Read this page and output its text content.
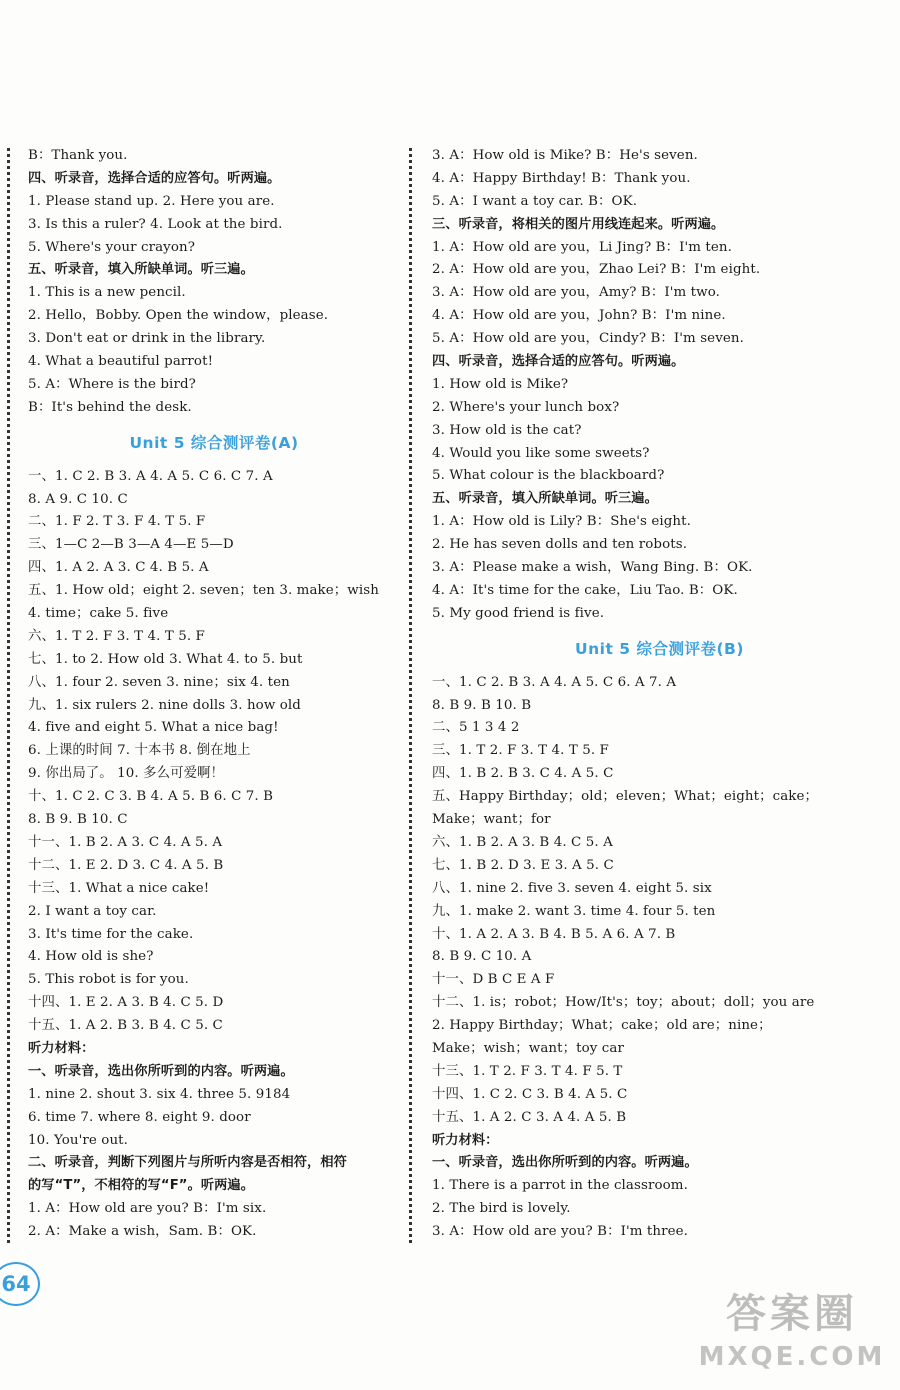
B：Thank you.
四、听录音，选择合适的应答句。听两遍。
1. Please stand up. 2. Here you are.
3. Is this a ruler? 4. Look at the bird.
5. Where's your crayon?
五、听录音，填入所缺单词。听三遍。
1. This is a new pencil.
2. Hello，Bobby. Open the window，please.
3. Don't eat or drink in the library.
4. What a beautiful parrot!
5. A：Where is the bird?
B：It's behind the desk.
Unit 5 综合测评卷(A)
一、1. C 2. B 3. A 4. A 5. C 6. C 7. A
8. A 9. C 10. C
二、1. F 2. T 3. F 4. T 5. F
三、1—C 2—B 3—A 4—E 5—D
四、1. A 2. A 3. C 4. B 5. A
五、1. How old；eight 2. seven；ten 3. make；wish
4. time；cake 5. five
六、1. T 2. F 3. T 4. T 5. F
七、1. to 2. How old 3. What 4. to 5. but
八、1. four 2. seven 3. nine；six 4. ten
九、1. six rulers 2. nine dolls 3. how old
4. five and eight 5. What a nice bag!
6. 上课的时间 7. 十本书 8. 倒在地上
9. 你出局了。 10. 多么可爱啊！
十、1. C 2. C 3. B 4. A 5. B 6. C 7. B
8. B 9. B 10. C
十一、1. B 2. A 3. C 4. A 5. A
十二、1. E 2. D 3. C 4. A 5. B
十三、1. What a nice cake!
2. I want a toy car.
3. It's time for the cake.
4. How old is she?
5. This robot is for you.
十四、1. E 2. A 3. B 4. C 5. D
十五、1. A 2. B 3. B 4. C 5. C
听力材料：
一、听录音，选出你所听到的内容。听两遍。
1. nine 2. shout 3. six 4. three 5. 9184
6. time 7. where 8. eight 9. door
10. You're out.
二、听录音，判断下列图片与所听内容是否相符，相符
的写“T”，不相符的写“F”。听两遍。
1. A：How old are you? B：I'm six.
2. A：Make a wish，Sam. B：OK.
3. A：How old is Mike? B：He's seven.
4. A：Happy Birthday! B：Thank you.
5. A：I want a toy car. B：OK.
三、听录音，将相关的图片用线连起来。听两遍。
1. A：How old are you，Li Jing? B：I'm ten.
2. A：How old are you，Zhao Lei? B：I'm eight.
3. A：How old are you，Amy? B：I'm two.
4. A：How old are you，John? B：I'm nine.
5. A：How old are you，Cindy? B：I'm seven.
四、听录音，选择合适的应答句。听两遍。
1. How old is Mike?
2. Where's your lunch box?
3. How old is the cat?
4. Would you like some sweets?
5. What colour is the blackboard?
五、听录音，填入所缺单词。听三遍。
1. A：How old is Lily? B：She's eight.
2. He has seven dolls and ten robots.
3. A：Please make a wish，Wang Bing. B：OK.
4. A：It's time for the cake，Liu Tao. B：OK.
5. My good friend is five.
Unit 5 综合测评卷(B)
一、1. C 2. B 3. A 4. A 5. C 6. A 7. A
8. B 9. B 10. B
二、5 1 3 4 2
三、1. T 2. F 3. T 4. T 5. F
四、1. B 2. B 3. C 4. A 5. C
五、Happy Birthday；old；eleven；What；eight；cake；
Make；want；for
六、1. B 2. A 3. B 4. C 5. A
七、1. B 2. D 3. E 3. A 5. C
八、1. nine 2. five 3. seven 4. eight 5. six
九、1. make 2. want 3. time 4. four 5. ten
十、1. A 2. A 3. B 4. B 5. A 6. A 7. B
8. B 9. C 10. A
十一、D B C E A F
十二、1. is；robot；How/It's；toy；about；doll；you are
2. Happy Birthday；What；cake；old are；nine；
Make；wish；want；toy car
十三、1. T 2. F 3. T 4. F 5. T
十四、1. C 2. C 3. B 4. A 5. C
十五、1. A 2. C 3. A 4. A 5. B
听力材料：
一、听录音，选出你所听到的内容。听两遍。
1. There is a parrot in the classroom.
2. The bird is lovely.
3. A：How old are you? B：I'm three.
64
答案圈
MXQE.COM
